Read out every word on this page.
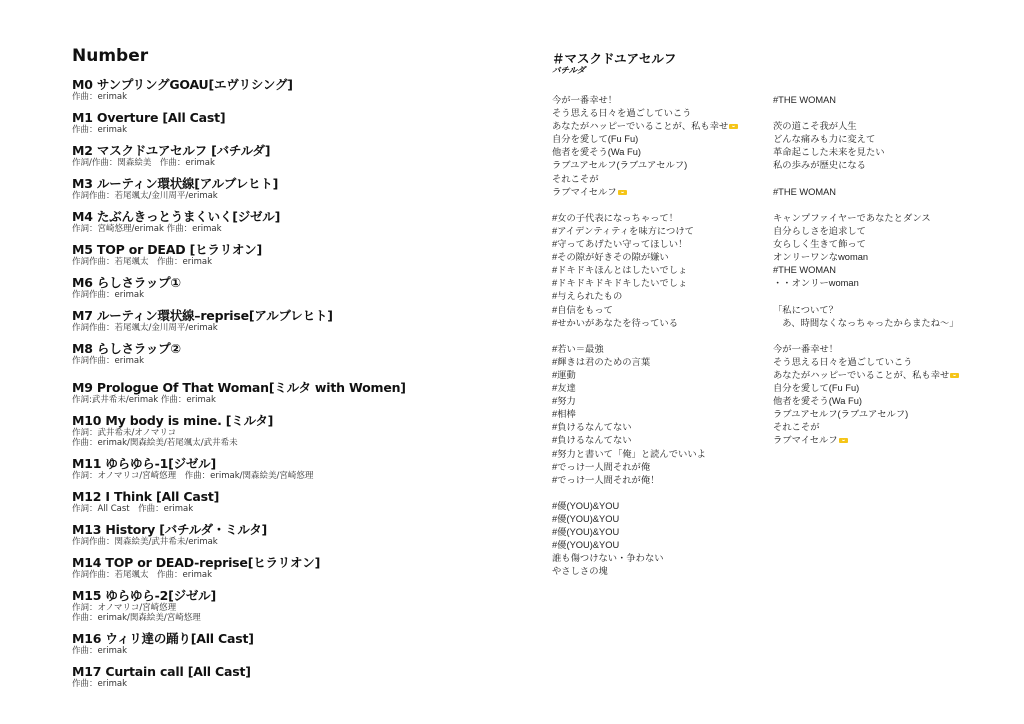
Number
M0 サンプリングGOAU[エヴリシング]
作曲：erimak
M1 Overture [All Cast]
作曲：erimak
M2 マスクドユアセルフ [バチルダ]
作詞/作曲：関森絵美　作曲：erimak
M3 ルーティン環状線[アルブレヒト]
作詞作曲：若尾颯太/金川周平/erimak
M4 たぶんきっとうまくいく[ジゼル]
作詞：宮崎悠理/erimak 作曲：erimak
M5 TOP or DEAD [ヒラリオン]
作詞作曲：若尾颯太　作曲：erimak
M6 らしさラップ①
作詞作曲：erimak
M7 ルーティン環状線–reprise[アルブレヒト]
作詞作曲：若尾颯太/金川周平/erimak
M8 らしさラップ②
作詞作曲：erimak
M9 Prologue Of That Woman[ミルタ with Women]
作詞:武井希未/erimak 作曲：erimak
M10 My body is mine. [ミルタ]
作詞：武井希未/オノマリコ
作曲：erimak/関森絵美/若尾颯太/武井希未
M11 ゆらゆら-1[ジゼル]
作詞：オノマリコ/宮崎悠理　作曲：erimak/関森絵美/宮崎悠理
M12 I Think [All Cast]
作詞：All Cast　作曲：erimak
M13 History [バチルダ・ミルタ]
作詞作曲：関森絵美/武井希未/erimak
M14 TOP or DEAD-reprise[ヒラリオン]
作詞作曲：若尾颯太　作曲：erimak
M15 ゆらゆら-2[ジゼル]
作詞：オノマリコ/宮崎悠理
作曲：erimak/関森絵美/宮崎悠理
M16 ウィリ達の踊り[All Cast]
作曲：erimak
M17 Curtain call [All Cast]
作曲：erimak
＃マスクドユアセルフ
バチルダ
今が一番幸せ！
そう思える日々を過ごしていこう
あなたがハッピーでいることが、私も幸せ
自分を愛して(Fu Fu)
他者を愛そう(Wa Fu)
ラブユアセルフ(ラブユアセルフ)
それこそが
ラブマイセルフ
#女の子代表になっちゃって！
#アイデンティティを味方につけて
#守ってあげたい守ってほしい！
#その隙が好きその隙が嫌い
#ドキドキほんとはしたいでしょ
#ドキドキドキドキしたいでしょ
#与えられたもの
#自信をもって
#せかいがあなたを待っている
#若い＝最強
#輝きは君のための言葉
#運動
#友達
#努力
#相棒
#負けるなんてない
#負けるなんてない
#努力と書いて「俺」と読んでいいよ
#でっけ一人間それが俺
#でっけ一人間それが俺！
#優(YOU)&YOU
#優(YOU)&YOU
#優(YOU)&YOU
#優(YOU)&YOU
誰も傷つけない・争わない
やさしさの塊
#THE WOMAN
茨の道こそ我が人生
どんな痛みも力に変えて
革命起こした未来を見たい
私の歩みが歴史になる
#THE WOMAN
キャンプファイヤーであなたとダンス
自分らしさを追求して
女らしく生きて飾って
オンリーワンなwoman
#THE WOMAN
・・オンリーwoman
「私について？
　あ、時間なくなっちゃったからまたね～」
今が一番幸せ！
そう思える日々を過ごしていこう
あなたがハッピーでいることが、私も幸せ
自分を愛して(Fu Fu)
他者を愛そう(Wa Fu)
ラブユアセルフ(ラブユアセルフ)
それこそが
ラブマイセルフ
